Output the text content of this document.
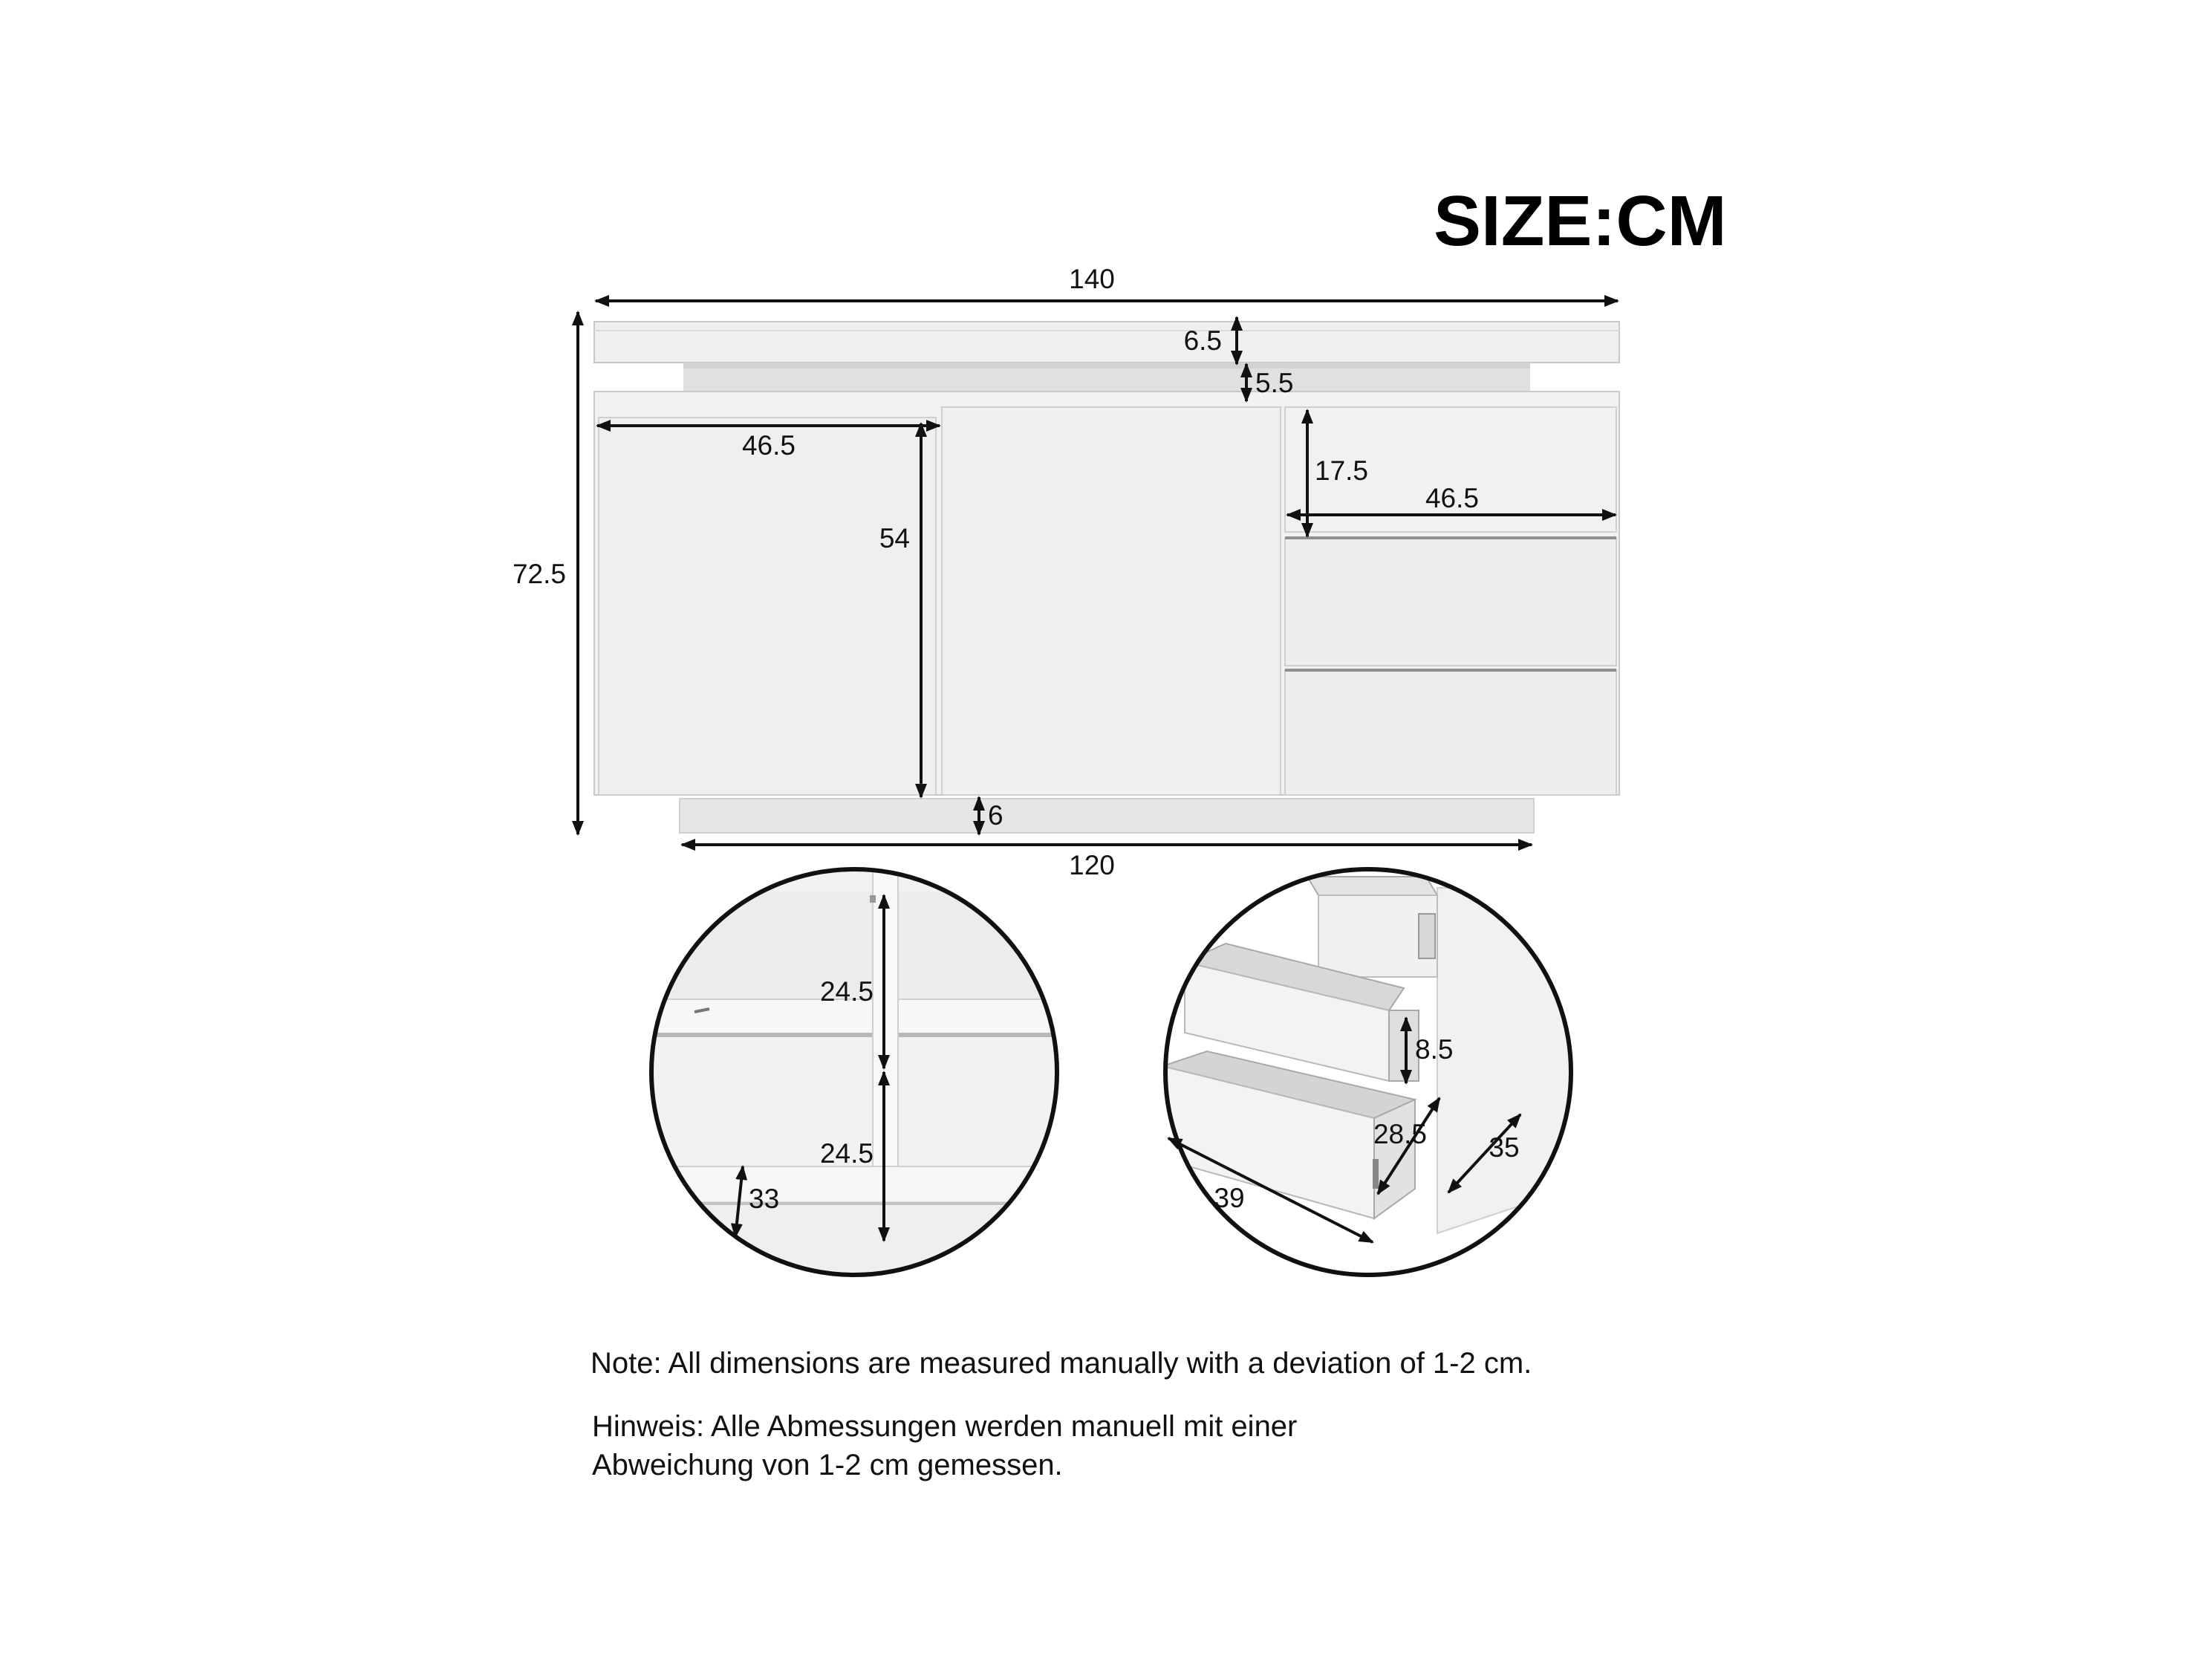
SIZE:CM
140
6.5
5.5
46.5
54
17.5
46.5
72.5
6
120
24.5
24.5
33
8.5
28.5
39
35

Note: All dimensions are measured manually with a deviation of 1-2 cm.

Hinweis: Alle Abmessungen werden manuell mit einer

Abweichung von 1-2 cm gemessen.
